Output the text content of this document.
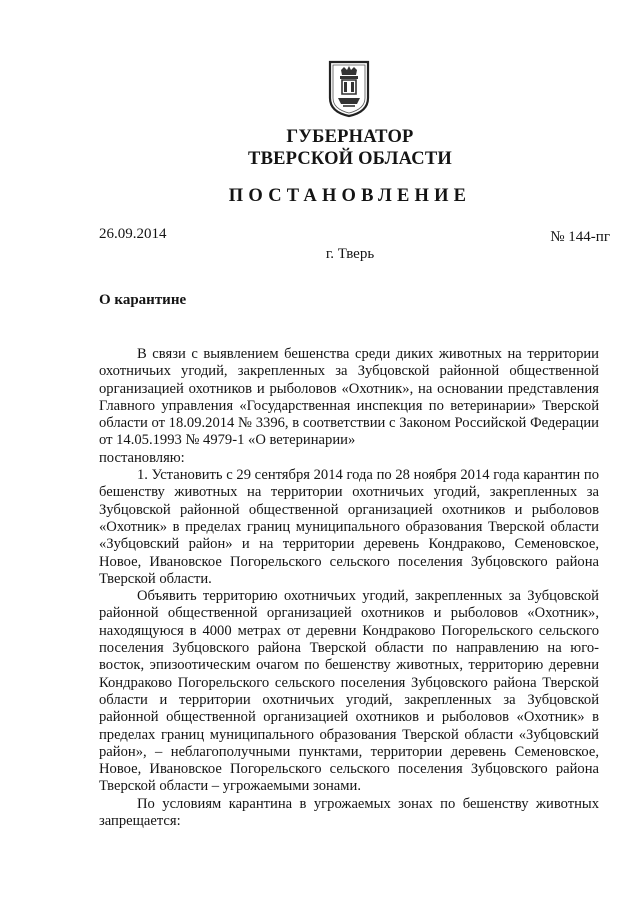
ГУБЕРНАТОР
ТВЕРСКОЙ ОБЛАСТИ
ПОСТАНОВЛЕНИЕ
26.09.2014	№ 144-пг
г. Тверь
О карантине

В связи с выявлением бешенства среди диких животных на территории охотничьих угодий, закрепленных за Зубцовской районной общественной организацией охотников и рыболовов «Охотник», на основании представления Главного управления «Государственная инспекция по ветеринарии» Тверской области от 18.09.2014 № 3396, в соответствии с Законом Российской Федерации от 14.05.1993 № 4979-1 «О ветеринарии»

постановляю:

1. Установить с 29 сентября 2014 года по 28 ноября 2014 года карантин по бешенству животных на территории охотничьих угодий, закрепленных за Зубцовской районной общественной организацией охотников и рыболовов «Охотник» в пределах границ муниципального образования Тверской области «Зубцовский район» и на территории деревень Кондраково, Семеновское, Новое, Ивановское Погорельского сельского поселения Зубцовского района Тверской области.

Объявить территорию охотничьих угодий, закрепленных за Зубцовской районной общественной организацией охотников и рыболовов «Охотник», находящуюся в 4000 метрах от деревни Кондраково Погорельского сельского поселения Зубцовского района Тверской области по направлению на юго-восток, эпизоотическим очагом по бешенству животных, территорию деревни Кондраково Погорельского сельского поселения Зубцовского района Тверской области и территории охотничьих угодий, закрепленных за Зубцовской районной общественной организацией охотников и рыболовов «Охотник» в пределах границ муниципального образования Тверской области «Зубцовский район», – неблагополучными пунктами, территории деревень Семеновское, Новое, Ивановское Погорельского сельского поселения Зубцовского района Тверской области – угрожаемыми зонами.

По условиям карантина в угрожаемых зонах по бешенству животных запрещается:
